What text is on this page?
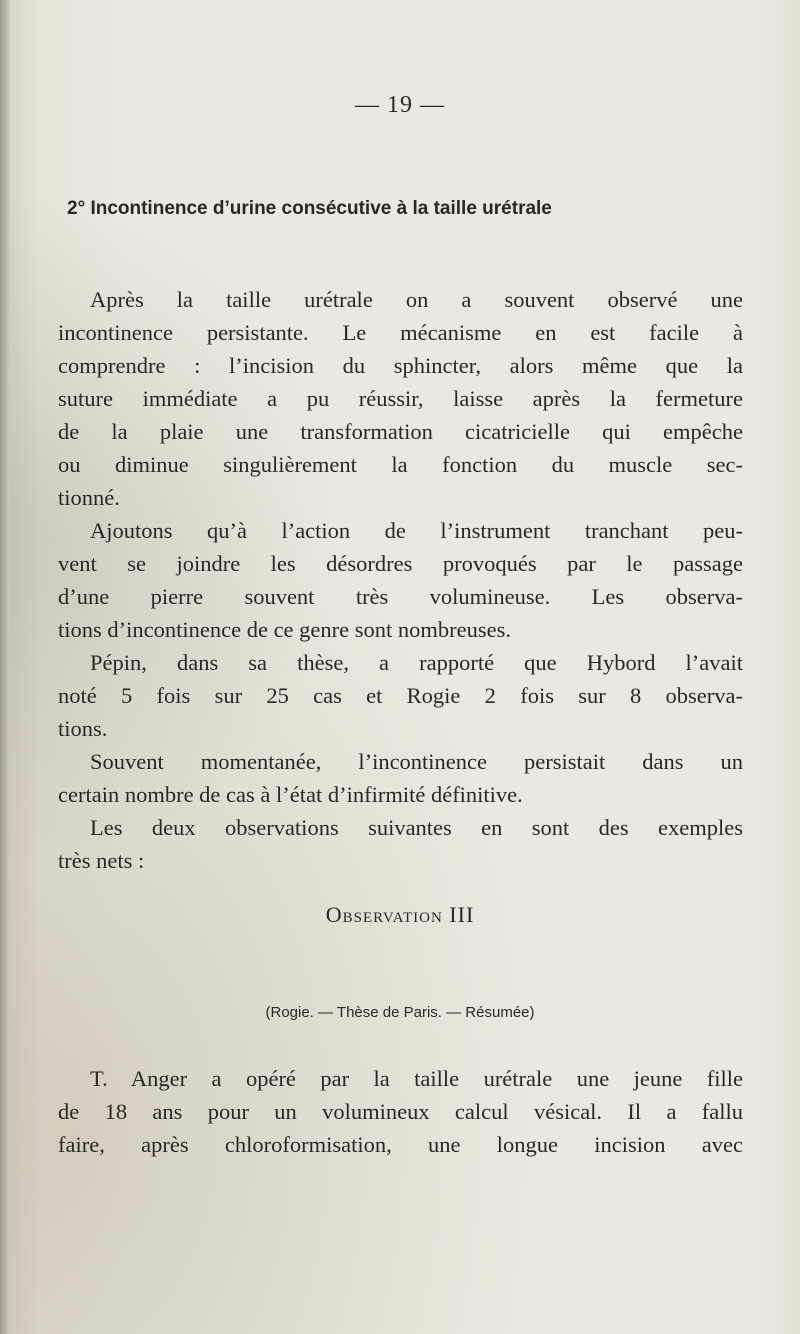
— 19 —
2° Incontinence d’urine consécutive à la taille urétrale
Après la taille urétrale on a souvent observé une
incontinence persistante. Le mécanisme en est facile à
comprendre : l’incision du sphincter, alors même que la
suture immédiate a pu réussir, laisse après la fermeture
de la plaie une transformation cicatricielle qui empêche
ou diminue singulièrement la fonction du muscle sec-
tionné.
Ajoutons qu’à l’action de l’instrument tranchant peu-
vent se joindre les désordres provoqués par le passage
d’une pierre souvent très volumineuse. Les observa-
tions d’incontinence de ce genre sont nombreuses.
Pépin, dans sa thèse, a rapporté que Hybord l’avait
noté 5 fois sur 25 cas et Rogie 2 fois sur 8 observa-
tions.
Souvent momentanée, l’incontinence persistait dans un
certain nombre de cas à l’état d’infirmité définitive.
Les deux observations suivantes en sont des exemples
très nets :
Observation III
(Rogie. — Thèse de Paris. — Résumée)
T. Anger a opéré par la taille urétrale une jeune fille
de 18 ans pour un volumineux calcul vésical. Il a fallu
faire, après chloroformisation, une longue incision avec
